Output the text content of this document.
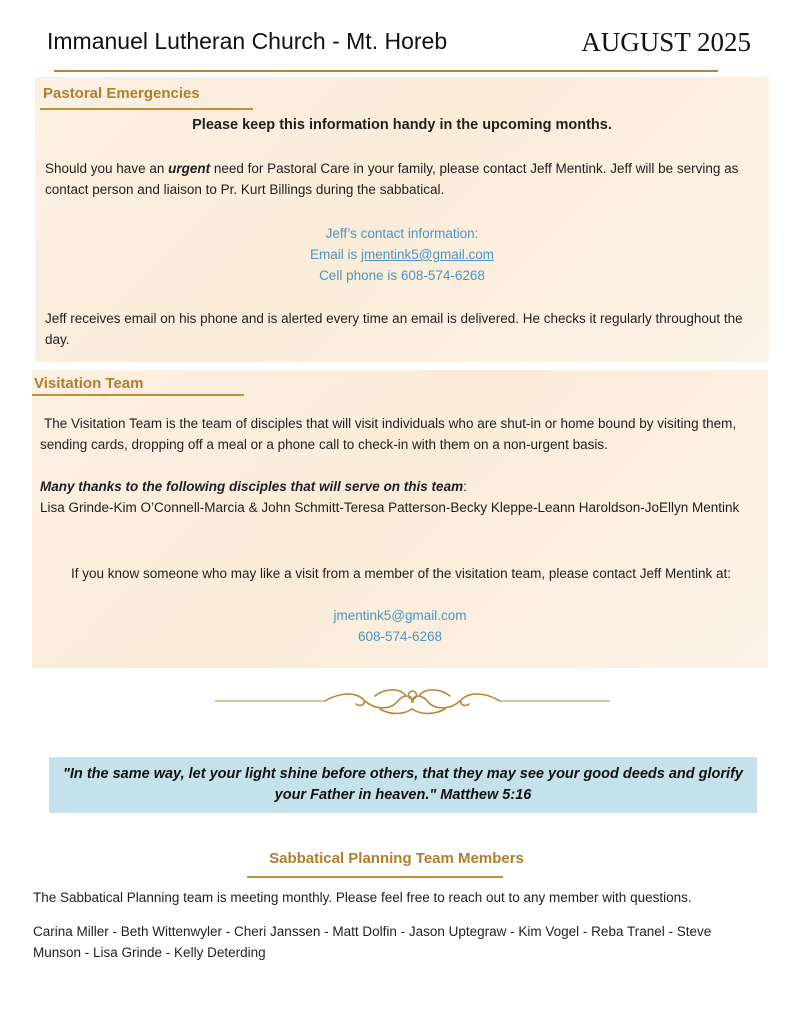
Immanuel Lutheran Church - Mt. Horeb	AUGUST 2025
Pastoral Emergencies
Please keep this information handy in the upcoming months.
Should you have an urgent need for Pastoral Care in your family, please contact Jeff Mentink. Jeff will be serving as contact person and liaison to Pr. Kurt Billings during the sabbatical.
Jeff’s contact information:
Email is jmentink5@gmail.com
Cell phone is 608-574-6268
Jeff receives email on his phone and is alerted every time an email is delivered. He checks it regularly throughout the day.
Visitation Team
The Visitation Team is the team of disciples that will visit individuals who are shut-in or home bound by visiting them, sending cards, dropping off a meal or a phone call to check-in with them on a non-urgent basis.
Many thanks to the following disciples that will serve on this team:
Lisa Grinde-Kim O’Connell-Marcia & John Schmitt-Teresa Patterson-Becky Kleppe-Leann Haroldson-JoEllyn Mentink
If you know someone who may like a visit from a member of the visitation team, please contact Jeff Mentink at:
jmentink5@gmail.com
608-574-6268
"In the same way, let your light shine before others, that they may see your good deeds and glorify your Father in heaven." Matthew 5:16
Sabbatical Planning Team Members
The Sabbatical Planning team is meeting monthly. Please feel free to reach out to any member with questions.
Carina Miller - Beth Wittenwyler - Cheri Janssen - Matt Dolfin - Jason Uptegraw - Kim Vogel - Reba Tranel - Steve Munson - Lisa Grinde - Kelly Deterding
